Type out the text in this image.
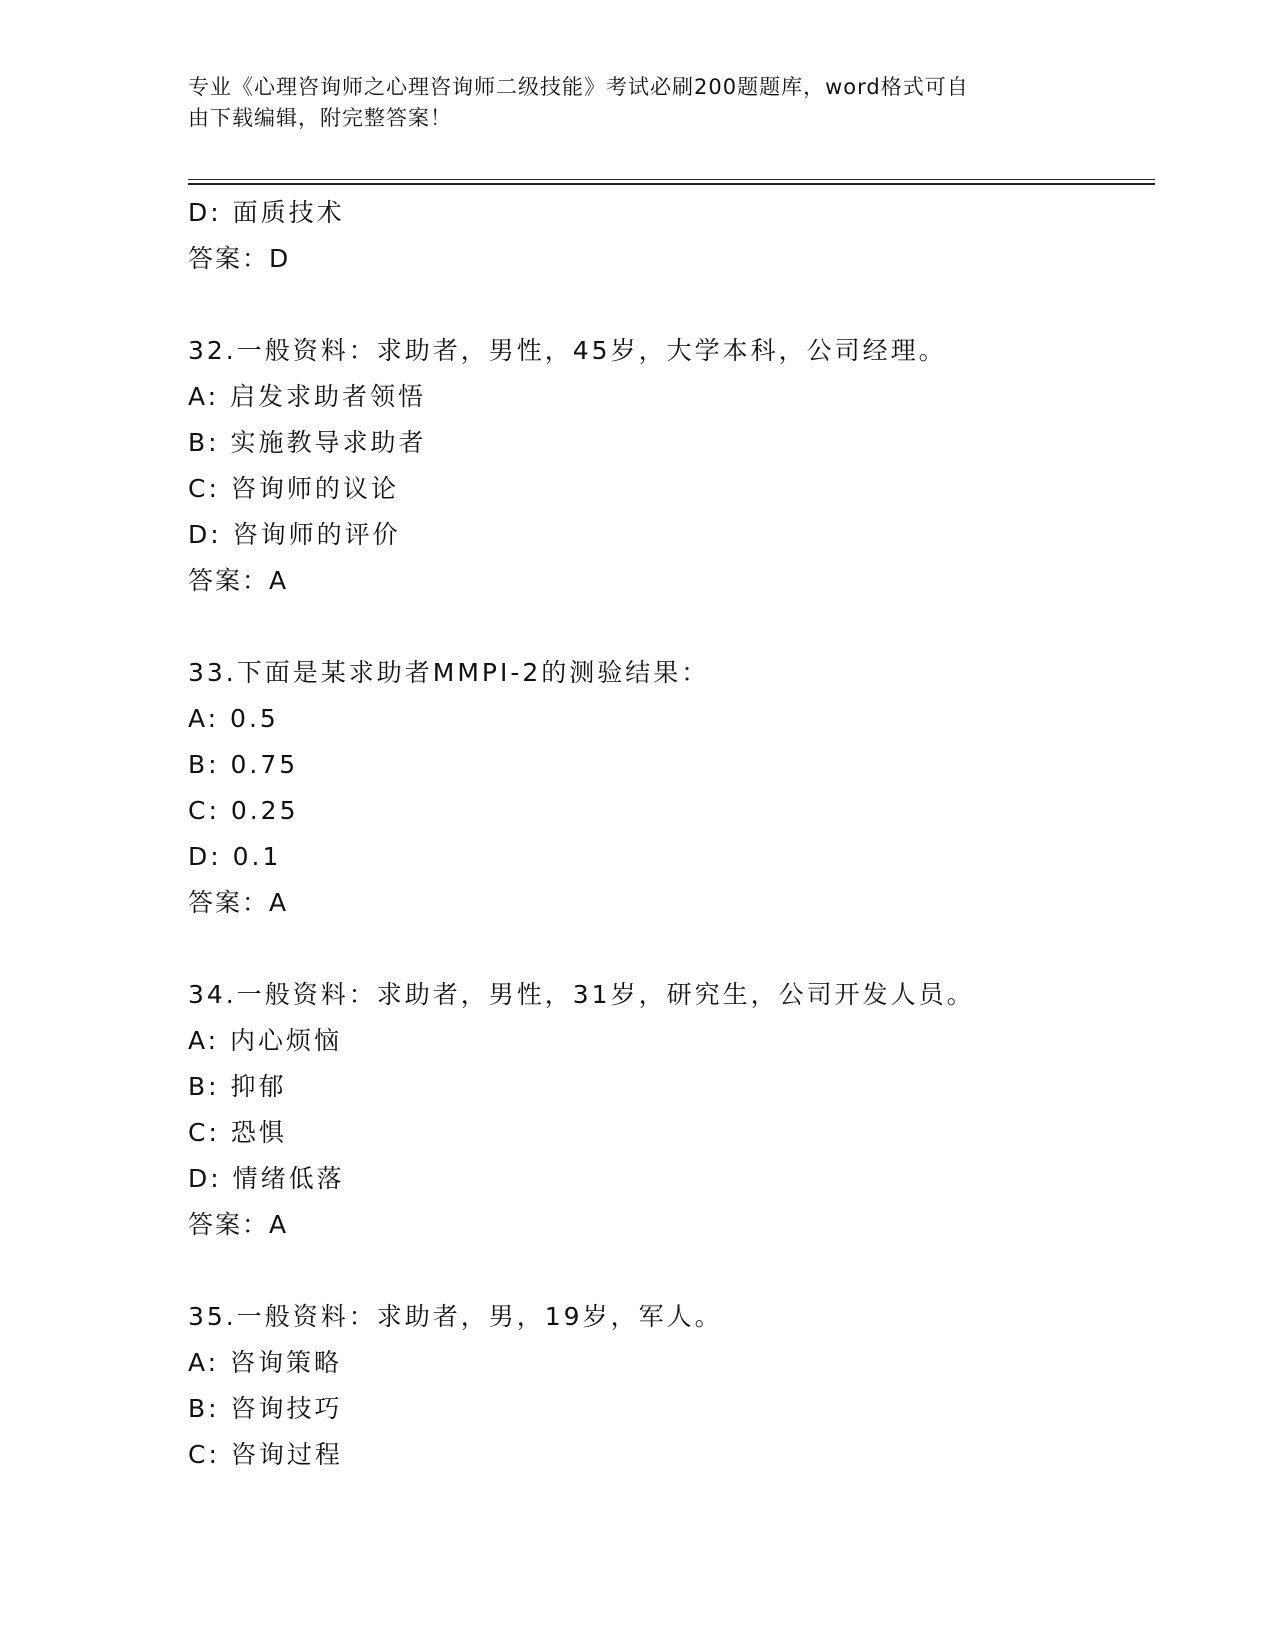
专业《心理咨询师之心理咨询师二级技能》考试必刷200题题库，word格式可自
由下载编辑，附完整答案！
D: 面质技术
答案：D
32.一般资料：求助者，男性，45岁，大学本科，公司经理。
A: 启发求助者领悟
B: 实施教导求助者
C: 咨询师的议论
D: 咨询师的评价
答案：A
33.下面是某求助者MMPI-2的测验结果：
A: 0.5
B: 0.75
C: 0.25
D: 0.1
答案：A
34.一般资料：求助者，男性，31岁，研究生，公司开发人员。
A: 内心烦恼
B: 抑郁
C: 恐惧
D: 情绪低落
答案：A
35.一般资料：求助者，男，19岁，军人。
A: 咨询策略
B: 咨询技巧
C: 咨询过程
